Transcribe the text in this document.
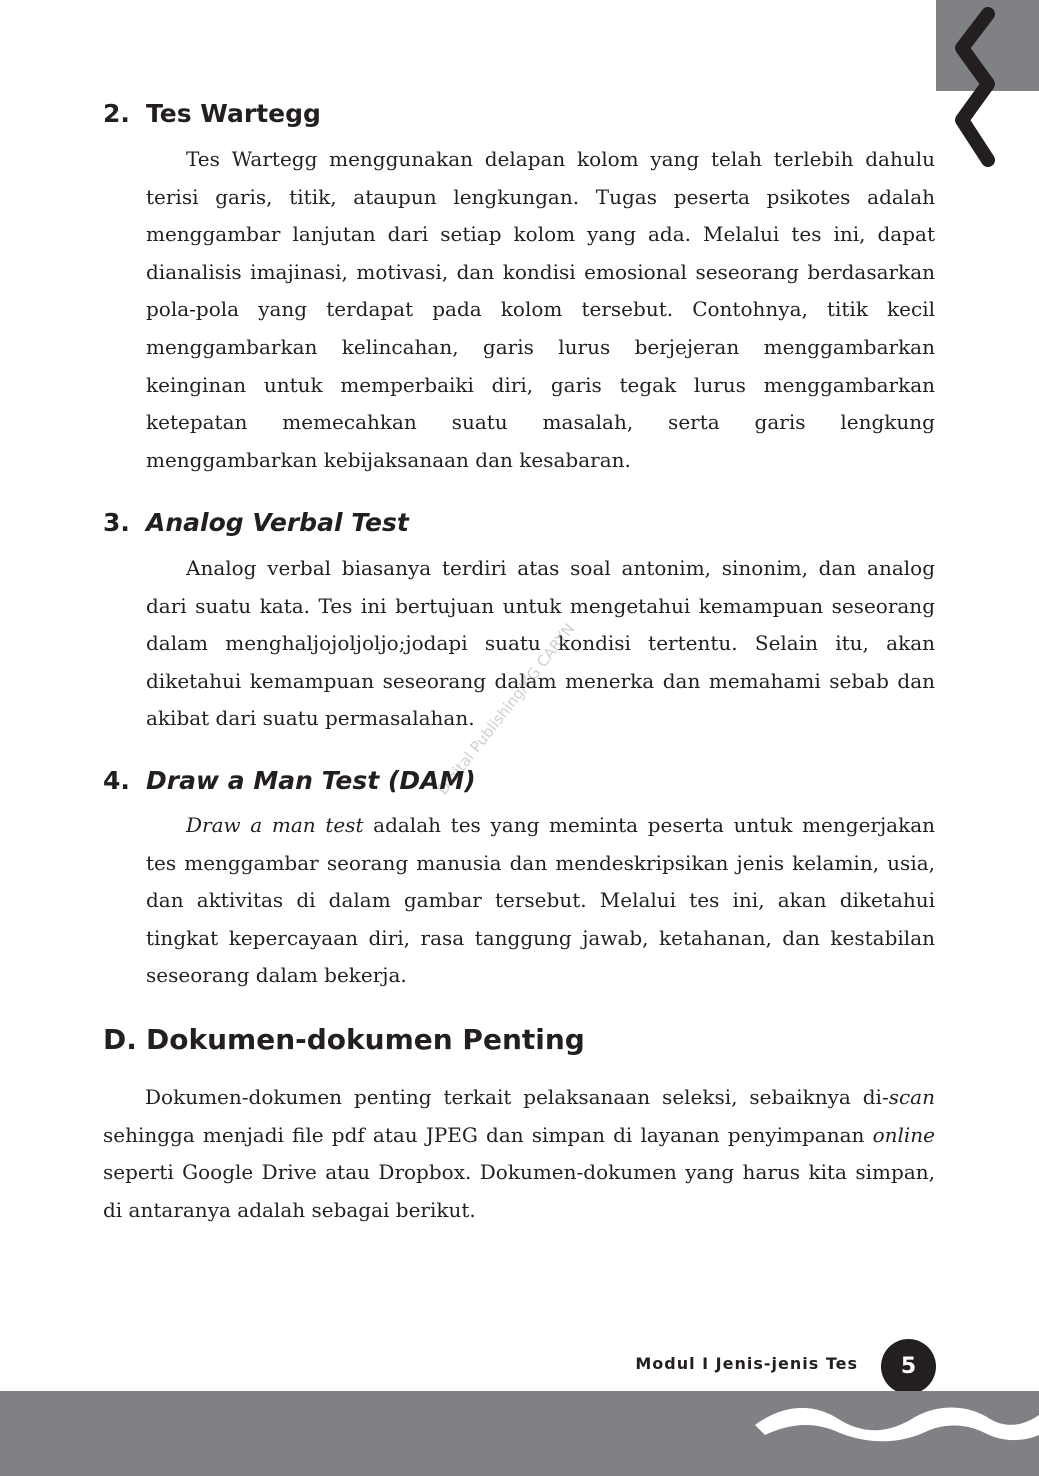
Digital Publishing/KG CARYN
2. Tes Wartegg

Tes Wartegg menggunakan delapan kolom yang telah terlebih dahulu terisi garis, titik, ataupun lengkungan. Tugas peserta psikotes adalah menggambar lanjutan dari setiap kolom yang ada. Melalui tes ini, dapat dianalisis imajinasi, motivasi, dan kondisi emosional seseorang berdasarkan pola-pola yang terdapat pada kolom tersebut. Contohnya, titik kecil menggambarkan kelincahan, garis lurus berjejeran menggambarkan keinginan untuk memperbaiki diri, garis tegak lurus menggambarkan ketepatan memecahkan suatu masalah, serta garis lengkung menggambarkan kebijaksanaan dan kesabaran.

3. Analog Verbal Test

Analog verbal biasanya terdiri atas soal antonim, sinonim, dan analog dari suatu kata. Tes ini bertujuan untuk mengetahui kemampuan seseorang dalam menghaljojoljoljo;jodapi suatu kondisi tertentu. Selain itu, akan diketahui kemampuan seseorang dalam menerka dan memahami sebab dan akibat dari suatu permasalahan.

4. Draw a Man Test (DAM)

Draw a man test adalah tes yang meminta peserta untuk mengerjakan tes menggambar seorang manusia dan mendeskripsikan jenis kelamin, usia, dan aktivitas di dalam gambar tersebut. Melalui tes ini, akan diketahui tingkat kepercayaan diri, rasa tanggung jawab, ketahanan, dan kestabilan seseorang dalam bekerja.

D. Dokumen-dokumen Penting

Dokumen-dokumen penting terkait pelaksanaan seleksi, sebaiknya di-scan sehingga menjadi file pdf atau JPEG dan simpan di layanan penyimpanan online seperti Google Drive atau Dropbox. Dokumen-dokumen yang harus kita simpan, di antaranya adalah sebagai berikut.

Modul I Jenis-jenis Tes	5
